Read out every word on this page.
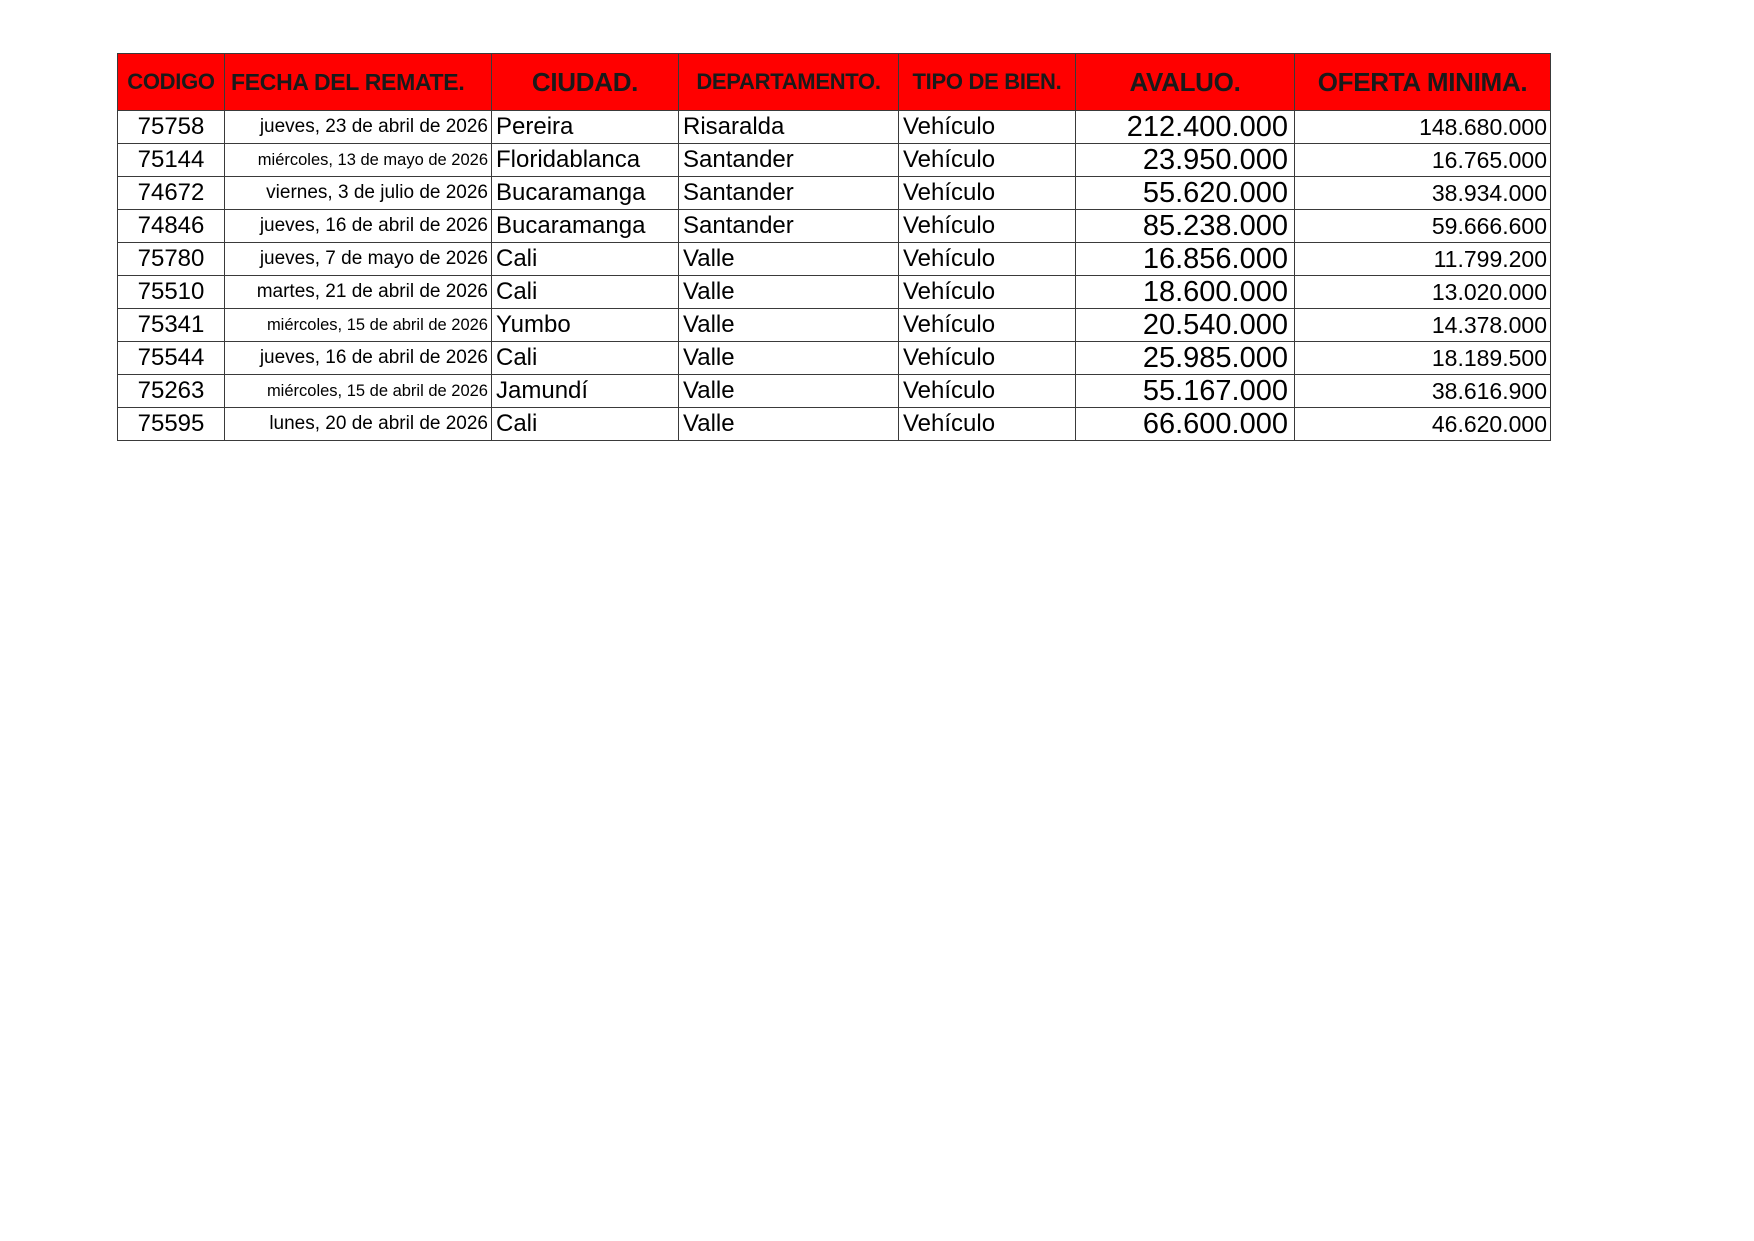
CODIGO	FECHA DEL REMATE.	CIUDAD.	DEPARTAMENTO.	TIPO DE BIEN.	AVALUO.	OFERTA MINIMA.
75758	jueves, 23 de abril de 2026	Pereira	Risaralda	Vehículo	212.400.000	148.680.000
75144	miércoles, 13 de mayo de 2026	Floridablanca	Santander	Vehículo	23.950.000	16.765.000
74672	viernes, 3 de julio de 2026	Bucaramanga	Santander	Vehículo	55.620.000	38.934.000
74846	jueves, 16 de abril de 2026	Bucaramanga	Santander	Vehículo	85.238.000	59.666.600
75780	jueves, 7 de mayo de 2026	Cali	Valle	Vehículo	16.856.000	11.799.200
75510	martes, 21 de abril de 2026	Cali	Valle	Vehículo	18.600.000	13.020.000
75341	miércoles, 15 de abril de 2026	Yumbo	Valle	Vehículo	20.540.000	14.378.000
75544	jueves, 16 de abril de 2026	Cali	Valle	Vehículo	25.985.000	18.189.500
75263	miércoles, 15 de abril de 2026	Jamundí	Valle	Vehículo	55.167.000	38.616.900
75595	lunes, 20 de abril de 2026	Cali	Valle	Vehículo	66.600.000	46.620.000
